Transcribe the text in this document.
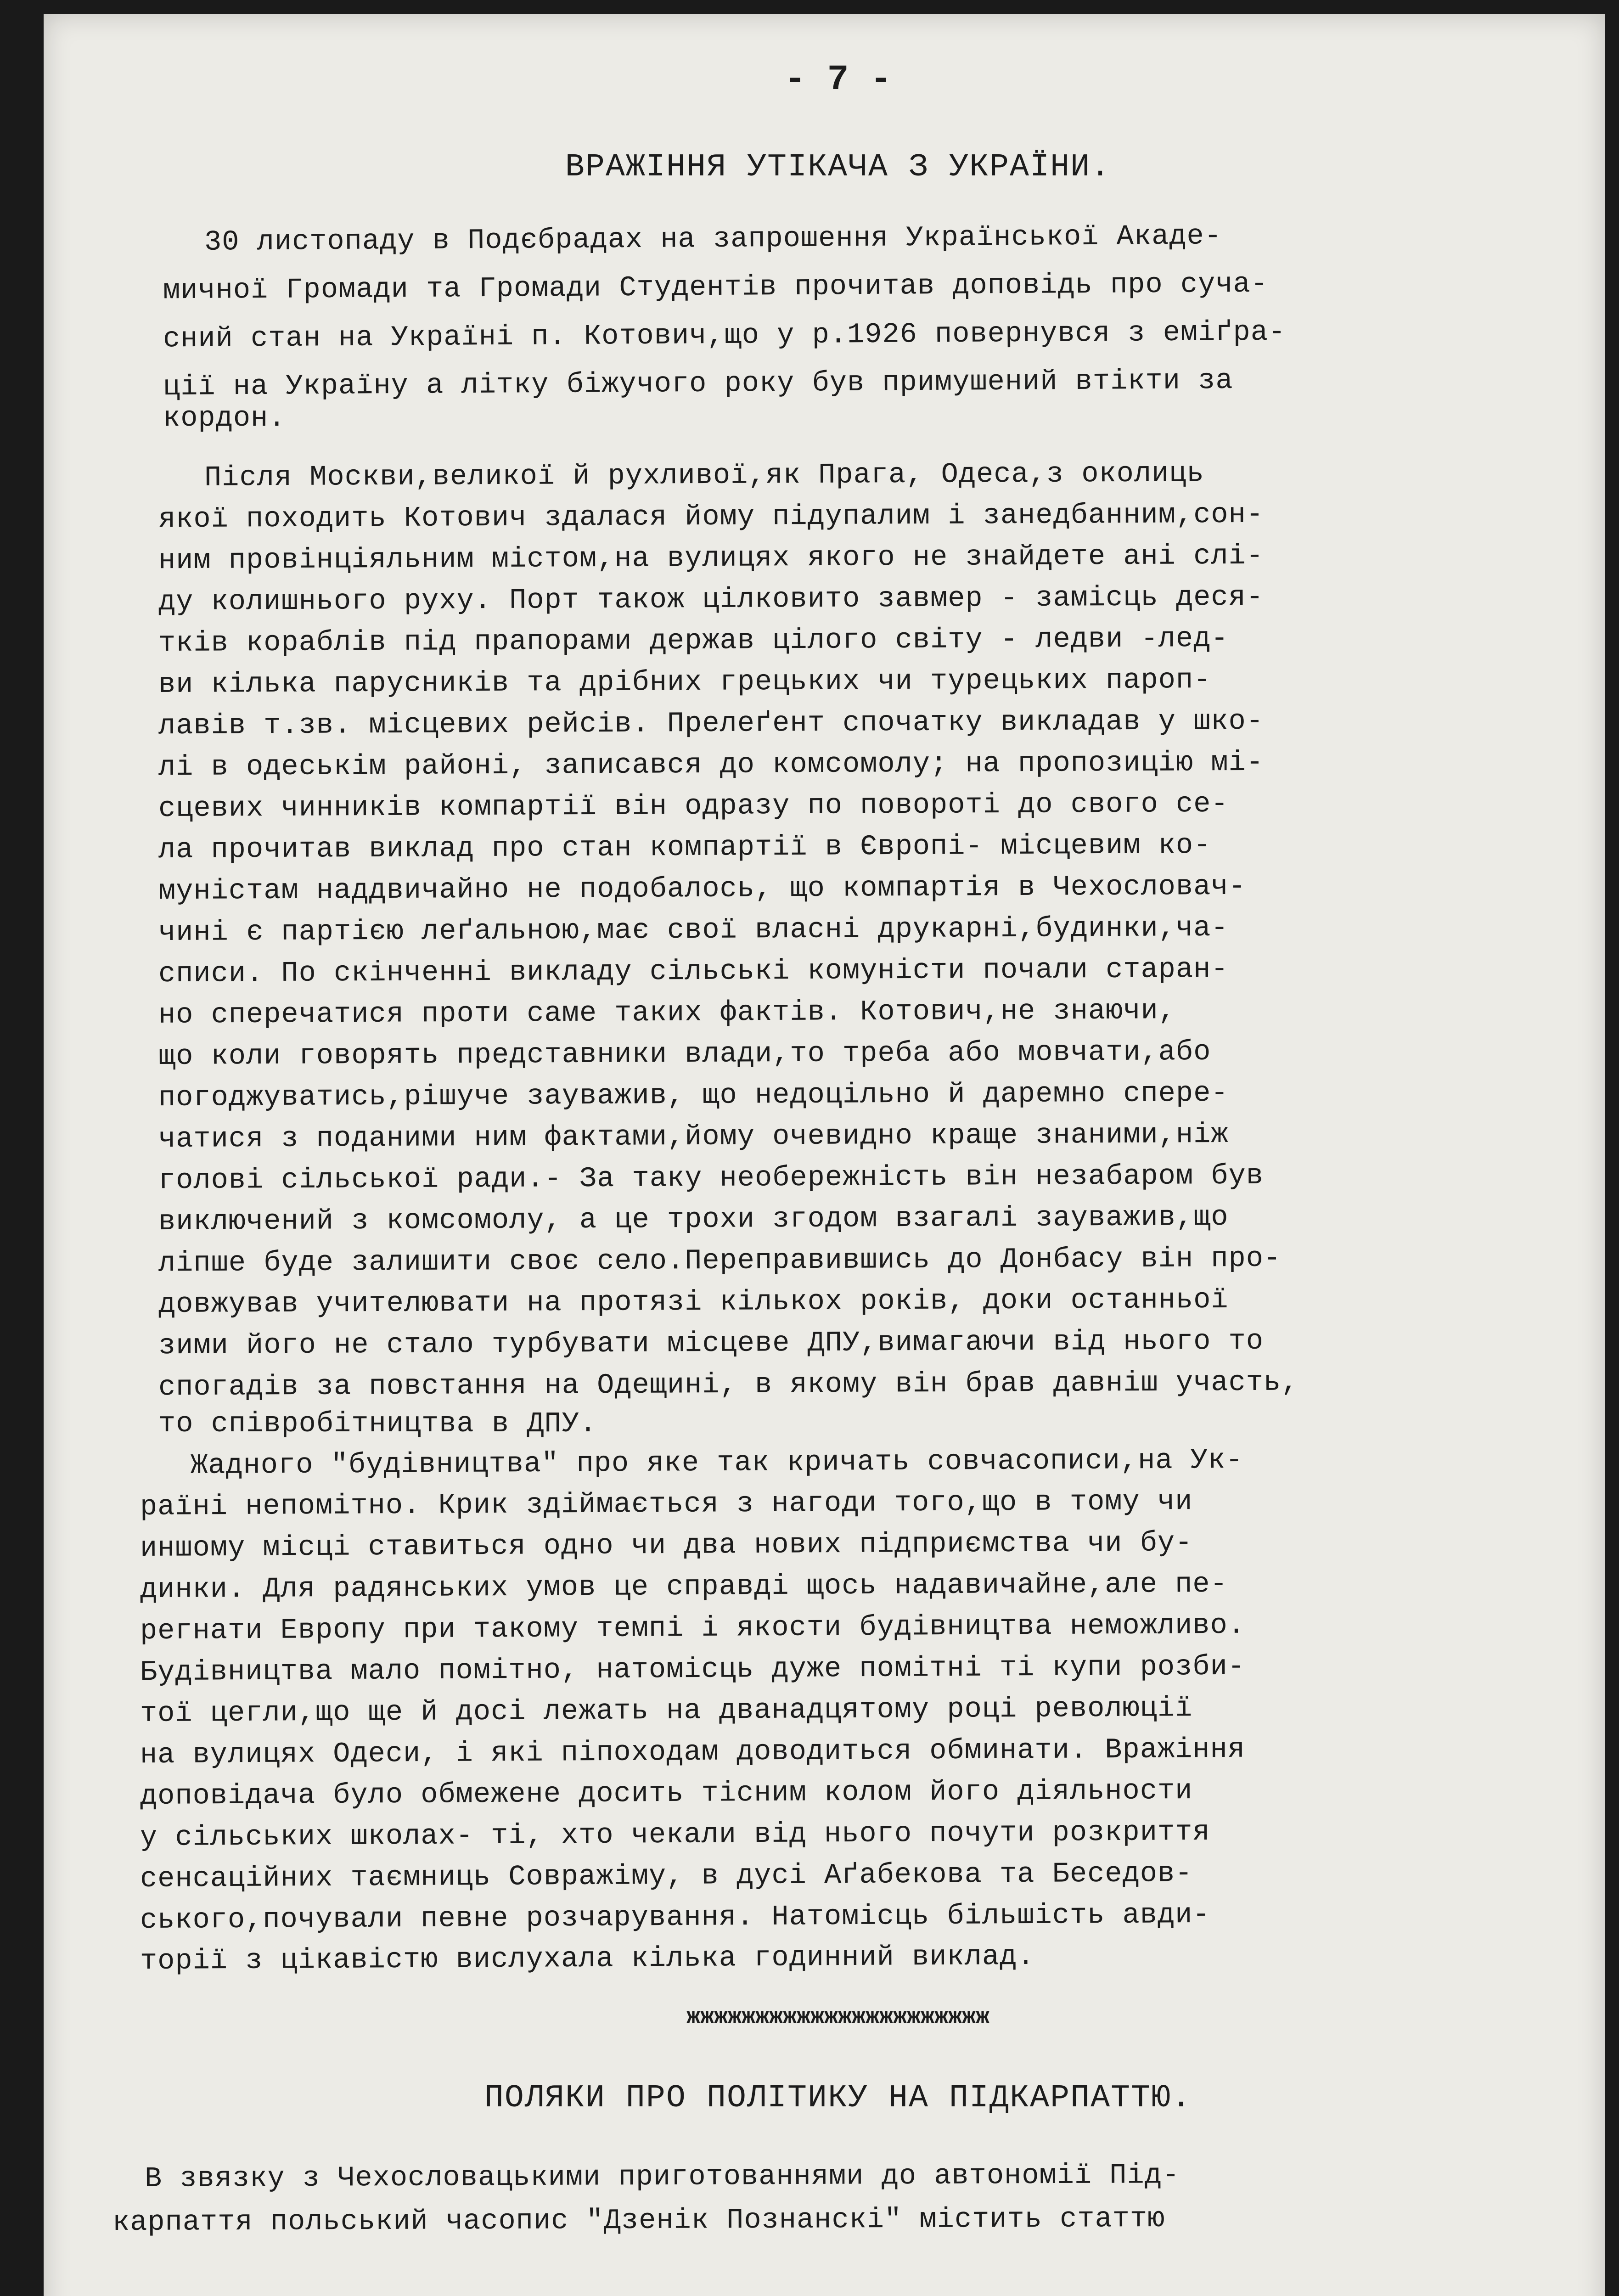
- 7 -
ВРАЖІННЯ УТІКАЧА З УКРАЇНИ.
30 листопаду в Подєбрадах на запрошення Української Акаде-
мичної Громади та Громади Студентів прочитав доповідь про суча-
сний стан на Україні п. Котович,що у р.1926 повернувся з еміґра-
ції на Україну а літку біжучого року був примушений втікти за
кордон.
Після Москви,великої й рухливої,як Прага, Одеса,з околиць
якої походить Котович здалася йому підупалим і занедбанним,сон-
ним провінціяльним містом,на вулицях якого не знайдете ані слі-
ду колишнього руху. Порт також цілковито завмер - замісць деся-
тків кораблів під прапорами держав цілого світу - ледви -лед-
ви кілька парусників та дрібних грецьких чи турецьких пароп-
лавів т.зв. місцевих рейсів. Прелеґент спочатку викладав у шко-
лі в одеськім районі, записався до комсомолу; на пропозицію мі-
сцевих чинників компартії він одразу по повороті до свого се-
ла прочитав виклад про стан компартії в Європі- місцевим ко-
муністам наддвичайно не подобалось, що компартія в Чехословач-
чині є партією леґальною,має свої власні друкарні,будинки,ча-
списи. По скінченні викладу сільські комуністи почали старан-
но сперечатися проти саме таких фактів. Котович,не знаючи,
що коли говорять представники влади,то треба або мовчати,або
погоджуватись,рішуче зауважив, що недоцільно й даремно спере-
чатися з поданими ним фактами,йому очевидно краще знаними,ніж
голові сільської ради.- За таку необережність він незабаром був
виключений з комсомолу, а це трохи згодом взагалі зауважив,що
ліпше буде залишити своє село.Переправившись до Донбасу він про-
довжував учителювати на протязі кількох років, доки останньої
зими його не стало турбувати місцеве ДПУ,вимагаючи від нього то
спогадів за повстання на Одещині, в якому він брав давніш участь,
то співробітництва в ДПУ.
Жадного "будівництва" про яке так кричать совчасописи,на Ук-
раїні непомітно. Крик здіймається з нагоди того,що в тому чи
иншому місці ставиться одно чи два нових підприємства чи бу-
динки. Для радянських умов це справді щось надавичайне,але пе-
регнати Европу при такому темпі і якости будівництва неможливо.
Будівництва мало помітно, натомісць дуже помітні ті купи розби-
тої цегли,що ще й досі лежать на дванадцятому році революції
на вулицях Одеси, і які піпоходам доводиться обминати. Вражіння
доповідача було обмежене досить тісним колом його діяльности
у сільських школах- ті, хто чекали від нього почути розкриття
сенсаційних таємниць Совражіму, в дусі Аґабекова та Беседов-
ського,почували певне розчарування. Натомісць більшість авди-
торії з цікавістю вислухала кілька годинний виклад.
жжжжжжжжжжжжжжжжжжжжжж
ПОЛЯКИ ПРО ПОЛІТИКУ НА ПІДКАРПАТТЮ.
В звязку з Чехословацькими приготованнями до автономії Під-
карпаття польський часопис "Дзенік Познанскі" містить статтю
